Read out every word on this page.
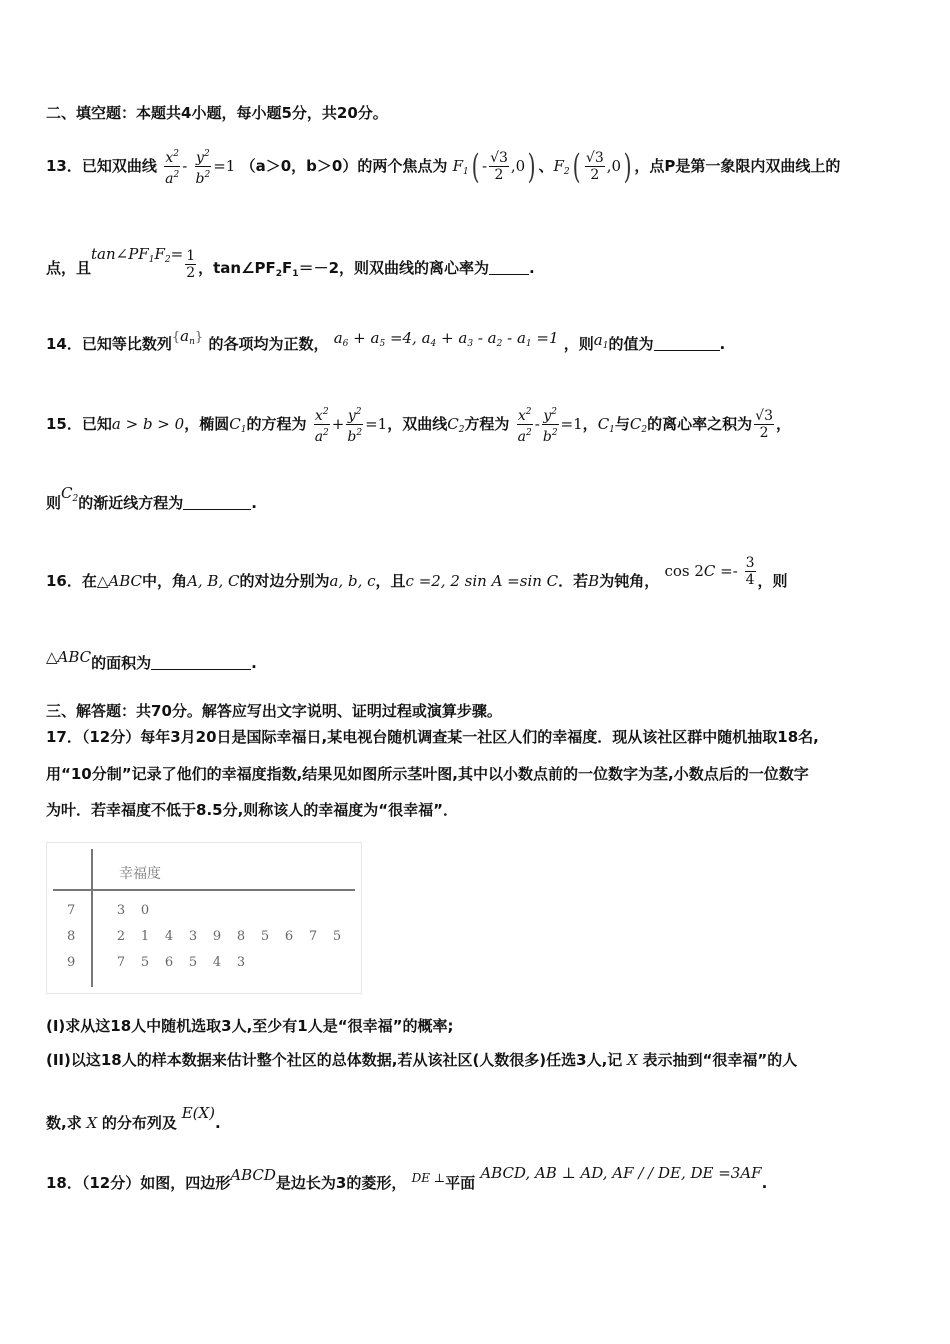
二、填空题：本题共4小题，每小题5分，共20分。
13．已知双曲线 $\frac{x^2}{a^2} - \frac{y^2}{b^2} =1$ （a＞0，b＞0）的两个焦点为 $F_1( - \frac{√3}{2} ,0)$ 、$F_2( \frac{√3}{2} ,0)$ ，点P是第一象限内双曲线上的
点，且$\tan\angle PF_1F_2= \frac{1}{2}$ ，$\tan\angle PF_2F_1=-2$，则双曲线的离心率为	.
14．已知等比数列$\{a_n\}$ 的各项均为正数， $a_6 + a_5 =4$, $a_4 + a_3 - a_2 - a_1 =1$ ，则$a_1$的值为	.
15．已知a > b > 0，椭圆$C_1$的方程为 $\frac{x^2}{a^2} + \frac{y^2}{b^2} =1$，双曲线$C_2$方程为 $\frac{x^2}{a^2} - \frac{y^2}{b^2} =1$，$C_1$与$C_2$的离心率之积为 $\frac{√3}{2}$ ，
则$C_2$的渐近线方程为	.
16．在△ABC中，角A, B, C的对边分别为a, b, c，且c =2, 2 sin A =sin C．若B为钝角， $\cos 2C =- \frac{3}{4}$ ，则
△ABC的面积为	.
三、解答题：共70分。解答应写出文字说明、证明过程或演算步骤。
17．（12分）每年3月20日是国际幸福日,某电视台随机调查某一社区人们的幸福度．现从该社区群中随机抽取18名,
用“10分制”记录了他们的幸福度指数,结果见如图所示茎叶图,其中以小数点前的一位数字为茎,小数点后的一位数字
为叶．若幸福度不低于8.5分,则称该人的幸福度为“很幸福”．
幸福度
7	3 0
8	2 1 4 3 9 8 5 6 7 5
9	7 5 6 5 4 3
(I)求从这18人中随机选取3人,至少有1人是“很幸福”的概率;
(II)以这18人的样本数据来估计整个社区的总体数据,若从该社区(人数很多)任选3人,记 X 表示抽到“很幸福”的人
数,求 X 的分布列及 E(X).
18．（12分）如图，四边形ABCD是边长为3的菱形， $^{DE \perp}$平面 ABCD, AB ⊥ AD, AF / / DE, DE =3AF.
